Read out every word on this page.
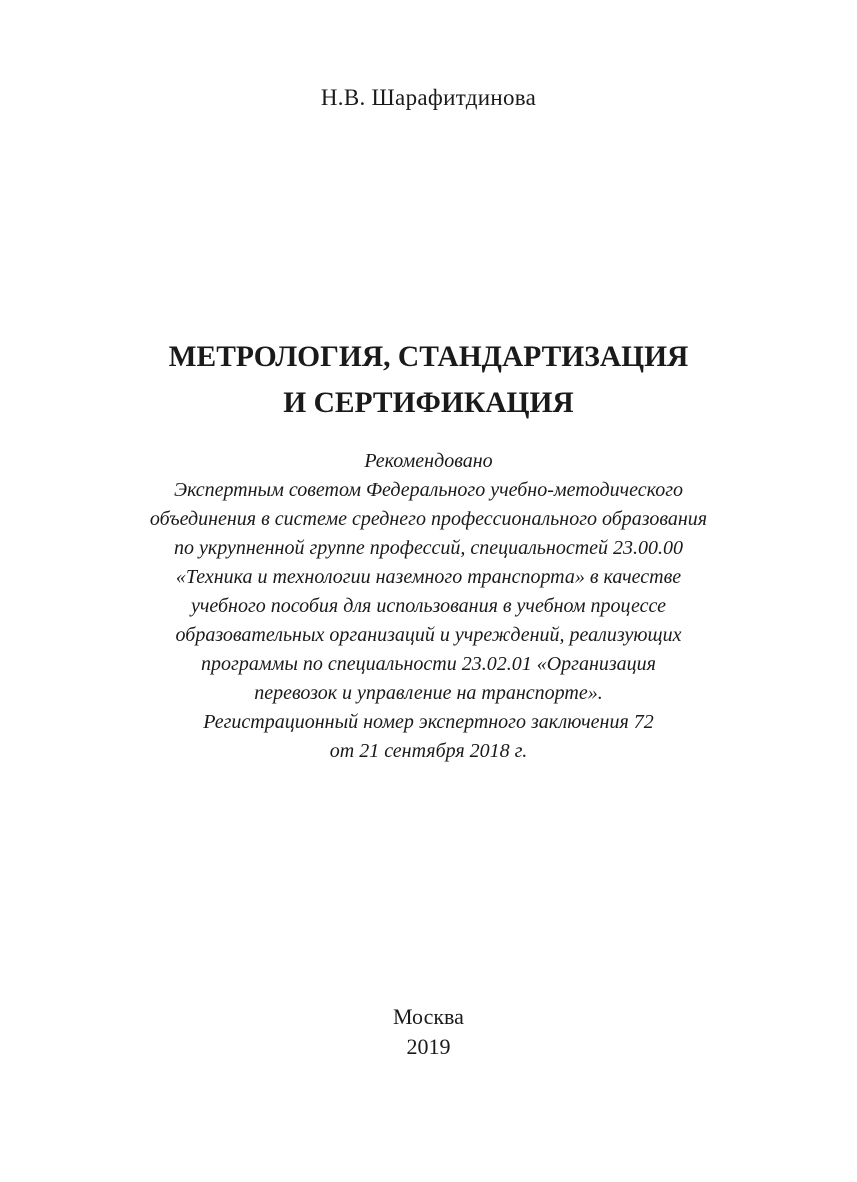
Н.В. Шарафитдинова
МЕТРОЛОГИЯ, СТАНДАРТИЗАЦИЯ
И СЕРТИФИКАЦИЯ
Рекомендовано
Экспертным советом Федерального учебно-методического
объединения в системе среднего профессионального образования
по укрупненной группе профессий, специальностей 23.00.00
«Техника и технологии наземного транспорта» в качестве
учебного пособия для использования в учебном процессе
образовательных организаций и учреждений, реализующих
программы по специальности 23.02.01 «Организация
перевозок и управление на транспорте».
Регистрационный номер экспертного заключения 72
от 21 сентября 2018 г.
Москва
2019
